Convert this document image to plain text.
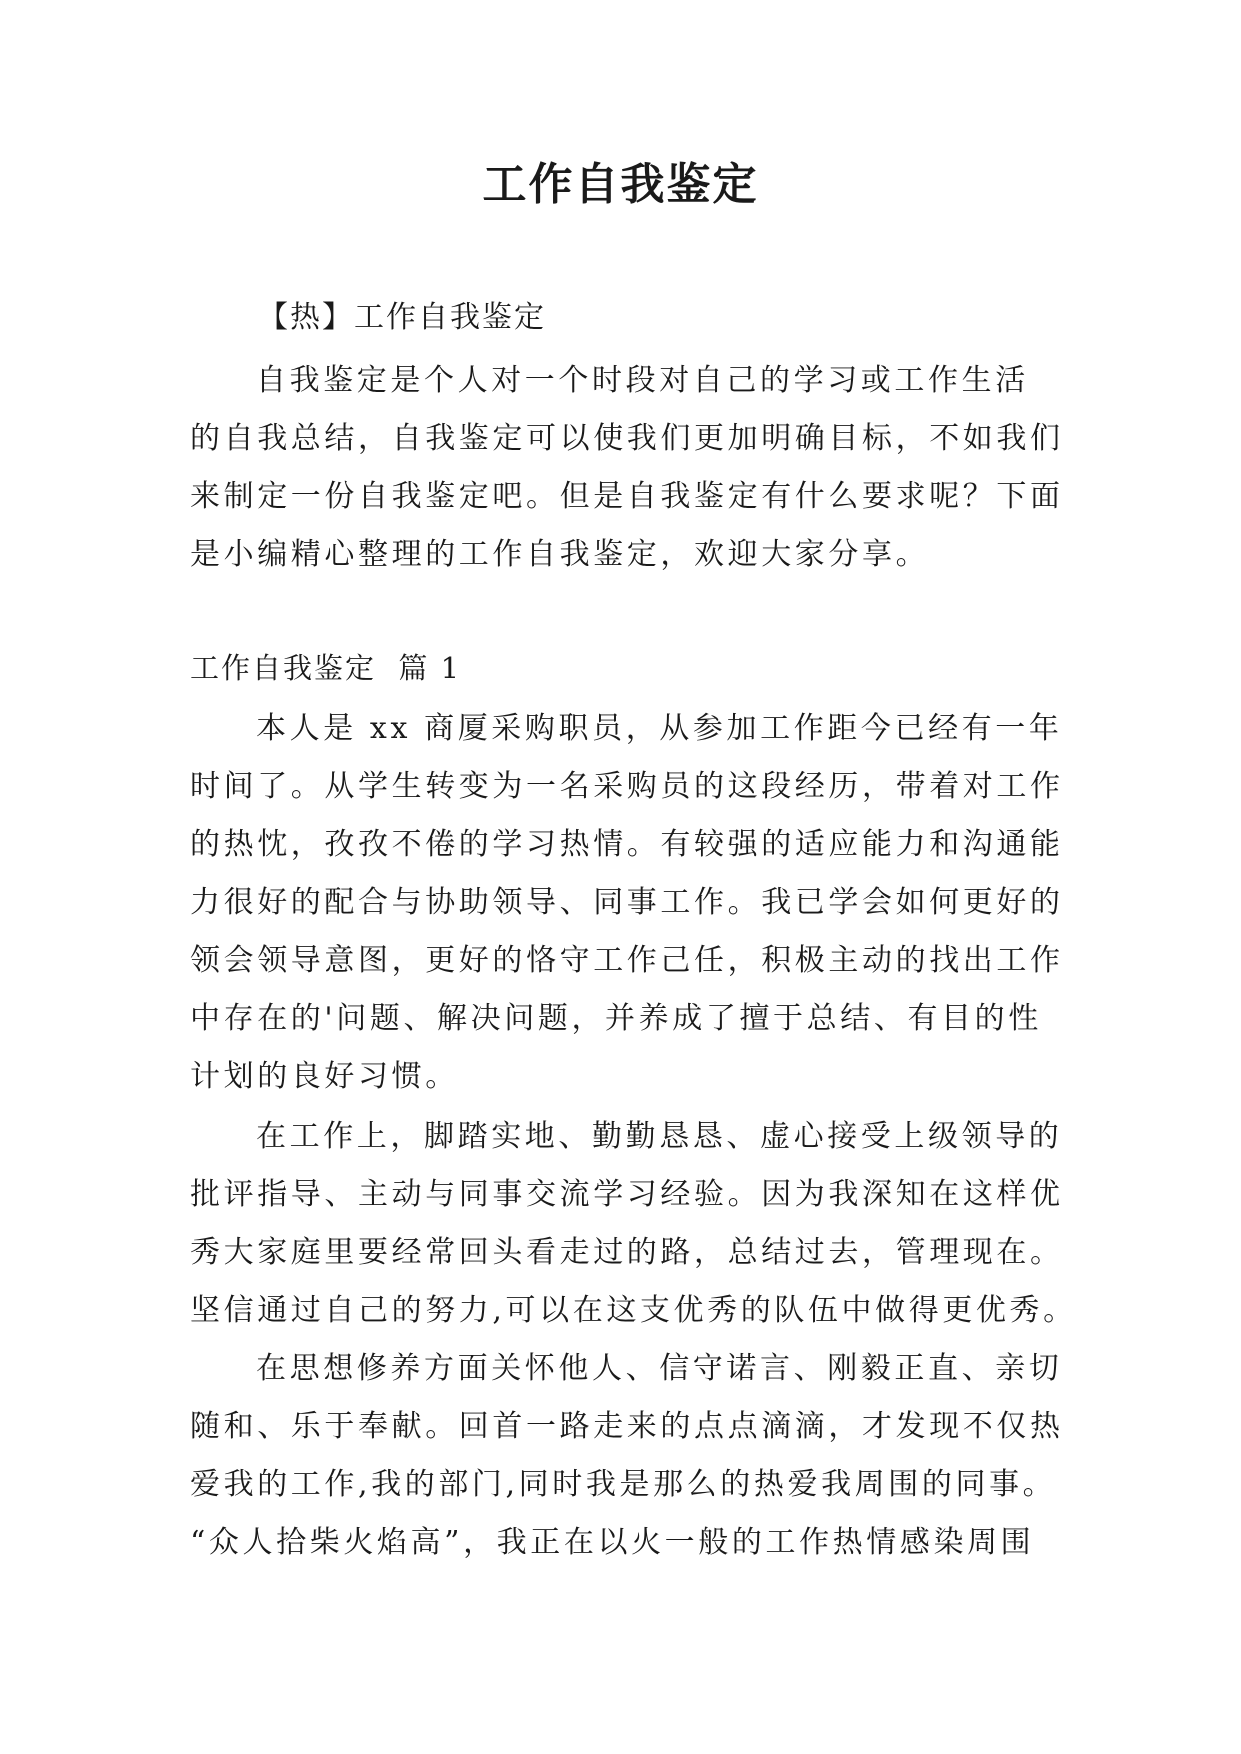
工作自我鉴定

【热】工作自我鉴定

自我鉴定是个人对一个时段对自己的学习或工作生活
的自我总结，自我鉴定可以使我们更加明确目标，不如我们
来制定一份自我鉴定吧。但是自我鉴定有什么要求呢？下面
是小编精心整理的工作自我鉴定，欢迎大家分享。

工作自我鉴定  篇 1

本人是 xx 商厦采购职员，从参加工作距今已经有一年
时间了。从学生转变为一名采购员的这段经历，带着对工作
的热忱，孜孜不倦的学习热情。有较强的适应能力和沟通能
力很好的配合与协助领导、同事工作。我已学会如何更好的
领会领导意图，更好的恪守工作己任，积极主动的找出工作
中存在的'问题、解决问题，并养成了擅于总结、有目的性
计划的良好习惯。
在工作上，脚踏实地、勤勤恳恳、虚心接受上级领导的
批评指导、主动与同事交流学习经验。因为我深知在这样优
秀大家庭里要经常回头看走过的路，总结过去，管理现在。
坚信通过自己的努力,可以在这支优秀的队伍中做得更优秀。
在思想修养方面关怀他人、信守诺言、刚毅正直、亲切
随和、乐于奉献。回首一路走来的点点滴滴，才发现不仅热
爱我的工作,我的部门,同时我是那么的热爱我周围的同事。
“众人拾柴火焰高”，我正在以火一般的工作热情感染周围
